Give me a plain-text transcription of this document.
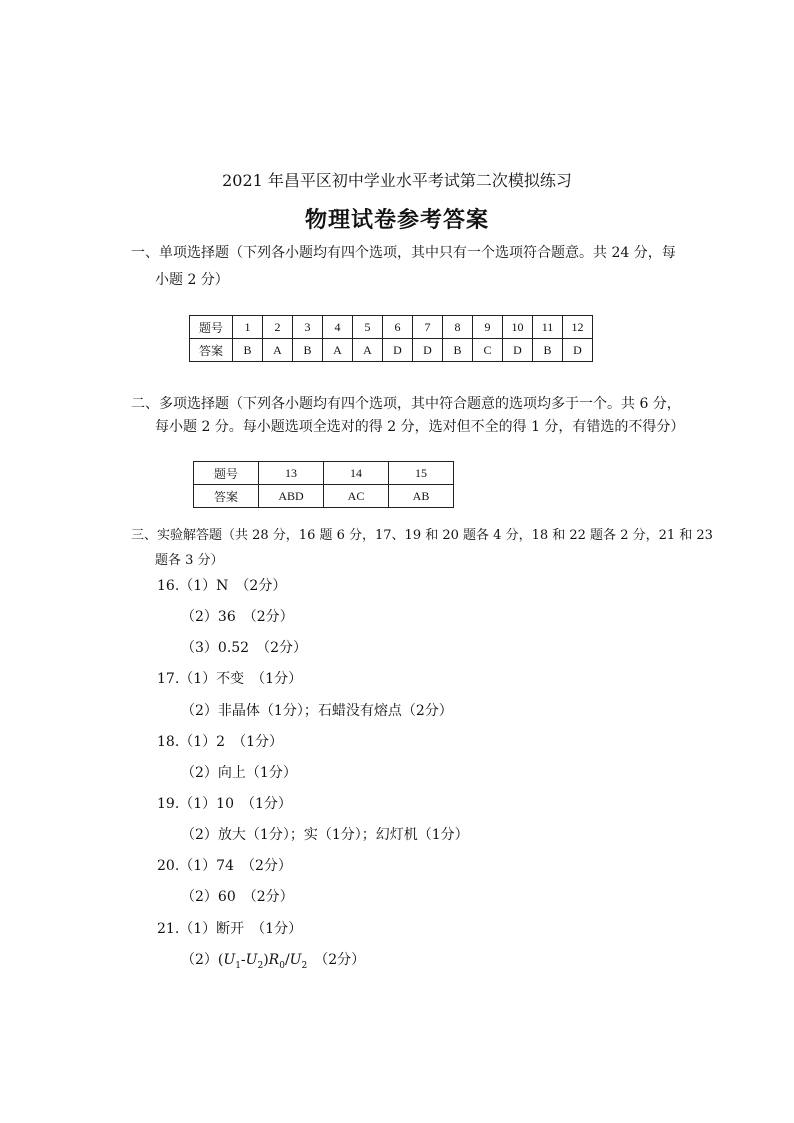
2021 年昌平区初中学业水平考试第二次模拟练习
物理试卷参考答案
一、单项选择题（下列各小题均有四个选项，其中只有一个选项符合题意。共 24 分，每
小题 2 分）
题号	1	2	3	4	5	6	7	8	9	10	11	12
答案	B	A	B	A	A	D	D	B	C	D	B	D
二、多项选择题（下列各小题均有四个选项，其中符合题意的选项均多于一个。共 6 分，
每小题 2 分。每小题选项全选对的得 2 分，选对但不全的得 1 分，有错选的不得分）
题号	13	14	15
答案	ABD	AC	AB
三、实验解答题（共 28 分，16 题 6 分，17、19 和 20 题各 4 分，18 和 22 题各 2 分，21 和 23
题各 3 分）
16.（1）N　（2分）
（2）36　（2分）
（3）0.52　（2分）
17.（1）不变　（1分）
（2）非晶体（1分）；石蜡没有熔点（2分）
18.（1）2　（1分）
（2）向上（1分）
19.（1）10　（1分）
（2）放大（1分）；实（1分）；幻灯机（1分）
20.（1）74　（2分）
（2）60　（2分）
21.（1）断开　（1分）
$(2)(U_1-U_2)R_0/U_2$　（2分）
